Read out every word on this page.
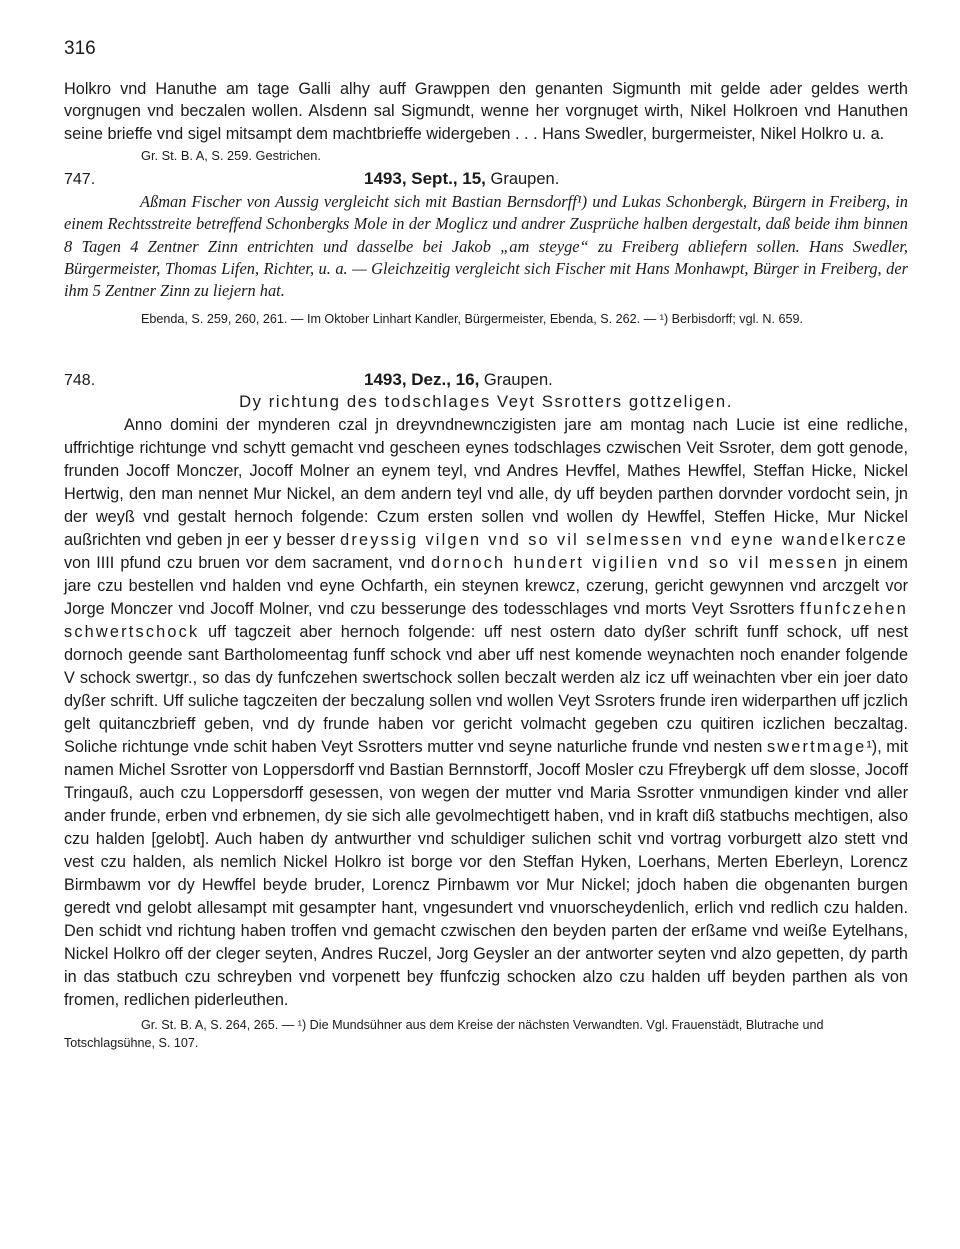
316

Holkro vnd Hanuthe am tage Galli alhy auff Grawppen den genanten Sigmunth mit gelde ader geldes werth vorgnugen vnd beczalen wollen. Alsdenn sal Sigmundt, wenne her vorgnuget wirth, Nikel Holkroen vnd Hanuthen seine brieffe vnd sigel mitsampt dem machtbrieffe widergeben . . . Hans Swedler, burgermeister, Nikel Holkro u. a.

Gr. St. B. A, S. 259. Gestrichen.
747.	1493, Sept., 15, Graupen.

Aßman Fischer von Aussig vergleicht sich mit Bastian Bernsdorff¹) und Lukas Schonbergk, Bürgern in Freiberg, in einem Rechtsstreite betreffend Schonbergks Mole in der Moglicz und andrer Zusprüche halben dergestalt, daß beide ihm binnen 8 Tagen 4 Zentner Zinn entrichten und dasselbe bei Jakob „am steyge“ zu Freiberg abliefern sollen. Hans Swedler, Bürgermeister, Thomas Lifen, Richter, u. a. — Gleichzeitig vergleicht sich Fischer mit Hans Monhawpt, Bürger in Freiberg, der ihm 5 Zentner Zinn zu liejern hat.

Ebenda, S. 259, 260, 261. — Im Oktober Linhart Kandler, Bürgermeister, Ebenda, S. 262. — ¹) Berbisdorff; vgl. N. 659.
748.	1493, Dez., 16, Graupen.
Dy richtung des todschlages Veyt Ssrotters gottzeligen.

Anno domini der mynderen czal jn dreyvndnewnczigisten jare am montag nach Lucie ist eine redliche, uffrichtige richtunge vnd schytt gemacht vnd gescheen eynes todschlages czwischen Veit Ssroter, dem gott genode, frunden Jocoff Monczer, Jocoff Molner an eynem teyl, vnd Andres Hevffel, Mathes Hewffel, Steffan Hicke, Nickel Hertwig, den man nennet Mur Nickel, an dem andern teyl vnd alle, dy uff beyden parthen dorvnder vordocht sein, jn der weyß vnd gestalt hernoch folgende: Czum ersten sollen vnd wollen dy Hewffel, Steffen Hicke, Mur Nickel außrichten vnd geben jn eer y besser dreyssig vilgen vnd so vil selmessen vnd eyne wandelkercze von IIII pfund czu bruen vor dem sacrament, vnd dornoch hundert vigilien vnd so vil messen jn einem jare czu bestellen vnd halden vnd eyne Ochfarth, ein steynen krewcz, czerung, gericht gewynnen vnd arczgelt vor Jorge Monczer vnd Jocoff Molner, vnd czu besserunge des todesschlages vnd morts Veyt Ssrotters ffunfczehen schwertschock uff tagczeit aber hernoch folgende: uff nest ostern dato dyßer schrift funff schock, uff nest dornoch geende sant Bartholomeentag funff schock vnd aber uff nest komende weynachten noch enander folgende V schock swertgr., so das dy funfczehen swertschock sollen beczalt werden alz icz uff weinachten vber ein joer dato dyßer schrift. Uff suliche tagczeiten der beczalung sollen vnd wollen Veyt Ssroters frunde iren widerparthen uff jczlich gelt quitanczbrieff geben, vnd dy frunde haben vor gericht volmacht gegeben czu quitiren iczlichen beczaltag. Soliche richtunge vnde schit haben Veyt Ssrotters mutter vnd seyne naturliche frunde vnd nesten swertmage¹), mit namen Michel Ssrotter von Loppersdorff vnd Bastian Bernnstorff, Jocoff Mosler czu Ffreybergk uff dem slosse, Jocoff Tringauß, auch czu Loppersdorff gesessen, von wegen der mutter vnd Maria Ssrotter vnmundigen kinder vnd aller ander frunde, erben vnd erbnemen, dy sie sich alle gevolmechtigett haben, vnd in kraft diß statbuchs mechtigen, also czu halden [gelobt]. Auch haben dy antwurther vnd schuldiger sulichen schit vnd vortrag vorburgett alzo stett vnd vest czu halden, als nemlich Nickel Holkro ist borge vor den Steffan Hyken, Loerhans, Merten Eberleyn, Lorencz Birmbawm vor dy Hewffel beyde bruder, Lorencz Pirnbawm vor Mur Nickel; jdoch haben die obgenanten burgen geredt vnd gelobt allesampt mit gesampter hant, vngesundert vnd vnuorscheydenlich, erlich vnd redlich czu halden. Den schidt vnd richtung haben troffen vnd gemacht czwischen den beyden parten der erßame vnd weiße Eytelhans, Nickel Holkro off der cleger seyten, Andres Ruczel, Jorg Geysler an der antworter seyten vnd alzo gepetten, dy parth in das statbuch czu schreyben vnd vorpenett bey ffunfczig schocken alzo czu halden uff beyden parthen als von fromen, redlichen piderleuthen.

Gr. St. B. A, S. 264, 265. — ¹) Die Mundsühner aus dem Kreise der nächsten Verwandten. Vgl. Frauenstädt, Blutrache und Totschlagsühne, S. 107.
